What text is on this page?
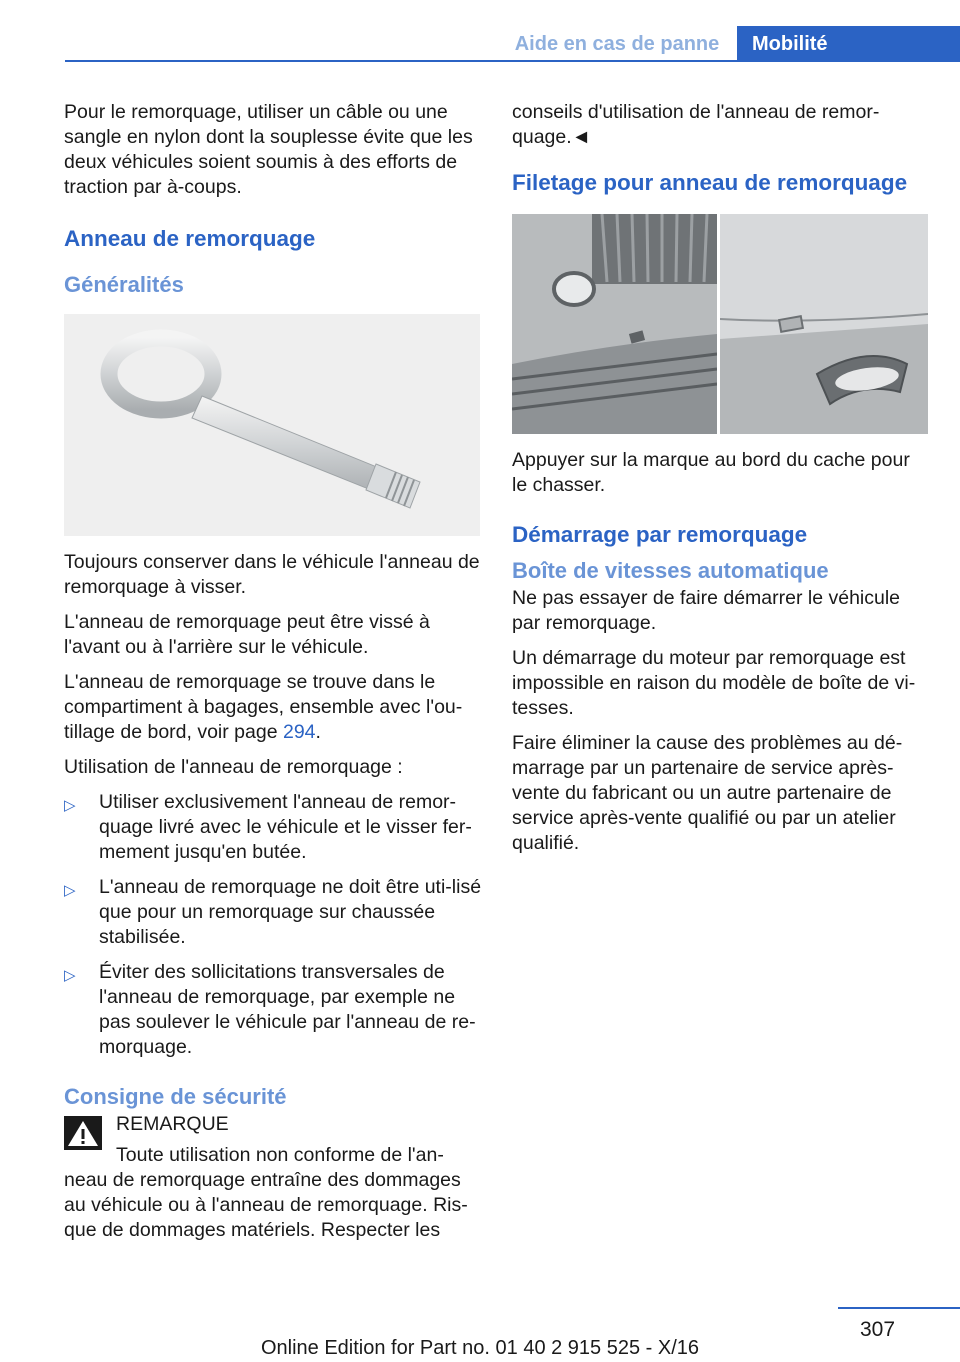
Aide en cas de panne	Mobilité

Pour le remorquage, utiliser un câble ou une sangle en nylon dont la souplesse évite que les deux véhicules soient soumis à des efforts de traction par à-coups.

Anneau de remorquage
Généralités

Toujours conserver dans le véhicule l'anneau de remorquage à visser.

L'anneau de remorquage peut être vissé à l'avant ou à l'arrière sur le véhicule.

L'anneau de remorquage se trouve dans le compartiment à bagages, ensemble avec l'ou-tillage de bord, voir page 294.

Utilisation de l'anneau de remorquage :

▷ Utiliser exclusivement l'anneau de remor-quage livré avec le véhicule et le visser fer-mement jusqu'en butée.
▷ L'anneau de remorquage ne doit être uti-lisé que pour un remorquage sur chaussée stabilisée.
▷ Éviter des sollicitations transversales de l'anneau de remorquage, par exemple ne pas soulever le véhicule par l'anneau de re-morquage.
Consigne de sécurité
REMARQUE

Toute utilisation non conforme de l'an-neau de remorquage entraîne des dommages au véhicule ou à l'anneau de remorquage. Ris-que de dommages matériels. Respecter les

conseils d'utilisation de l'anneau de remor-quage.◄

Filetage pour anneau de remorquage

Appuyer sur la marque au bord du cache pour le chasser.

Démarrage par remorquage
Boîte de vitesses automatique

Ne pas essayer de faire démarrer le véhicule par remorquage.

Un démarrage du moteur par remorquage est impossible en raison du modèle de boîte de vi-tesses.

Faire éliminer la cause des problèmes au dé-marrage par un partenaire de service après-vente du fabricant ou un autre partenaire de service après-vente qualifié ou par un atelier qualifié.

307
Online Edition for Part no. 01 40 2 915 525 - X/16
